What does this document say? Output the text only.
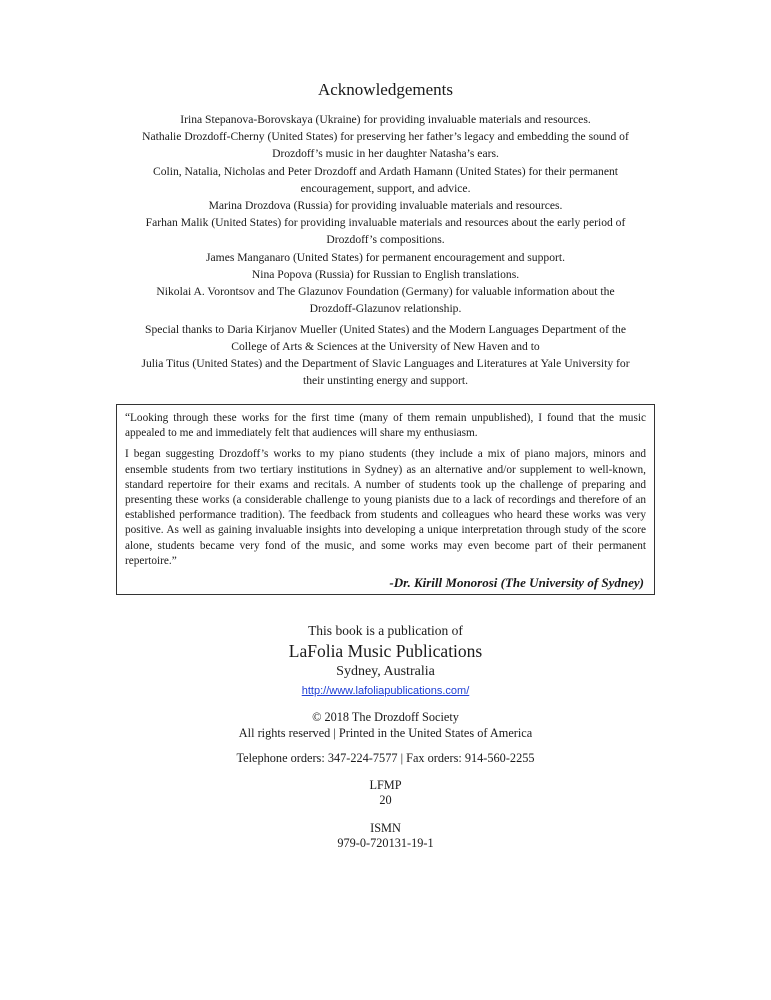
Acknowledgements

Irina Stepanova-Borovskaya (Ukraine) for providing invaluable materials and resources.

Nathalie Drozdoff-Cherny (United States) for preserving her father’s legacy and embedding the sound of

Drozdoff’s music in her daughter Natasha’s ears.

Colin, Natalia, Nicholas and Peter Drozdoff and Ardath Hamann (United States) for their permanent

encouragement, support, and advice.

Marina Drozdova (Russia) for providing invaluable materials and resources.

Farhan Malik (United States) for providing invaluable materials and resources about the early period of

Drozdoff’s compositions.

James Manganaro (United States) for permanent encouragement and support.

Nina Popova (Russia) for Russian to English translations.

Nikolai A. Vorontsov and The Glazunov Foundation (Germany) for valuable information about the

Drozdoff-Glazunov relationship.

Special thanks to Daria Kirjanov Mueller (United States) and the Modern Languages Department of the

College of Arts & Sciences at the University of New Haven and to

Julia Titus (United States) and the Department of Slavic Languages and Literatures at Yale University for

their unstinting energy and support.

“Looking through these works for the first time (many of them remain unpublished), I found that the music appealed to me and immediately felt that audiences will share my enthusiasm.

I began suggesting Drozdoff’s works to my piano students (they include a mix of piano majors, minors and ensemble students from two tertiary institutions in Sydney) as an alternative and/or supplement to well-known, standard repertoire for their exams and recitals. A number of students took up the challenge of preparing and presenting these works (a considerable challenge to young pianists due to a lack of recordings and therefore of an established performance tradition). The feedback from students and colleagues who heard these works was very positive. As well as gaining invaluable insights into developing a unique interpretation through study of the score alone, students became very fond of the music, and some works may even become part of their permanent repertoire.”

-Dr. Kirill Monorosi (The University of Sydney)
This book is a publication of
LaFolia Music Publications
Sydney, Australia
http://www.lafoliapublications.com/
© 2018 The Drozdoff Society
All rights reserved | Printed in the United States of America
Telephone orders: 347-224-7577 | Fax orders: 914-560-2255
LFMP
20
ISMN
979-0-720131-19-1
